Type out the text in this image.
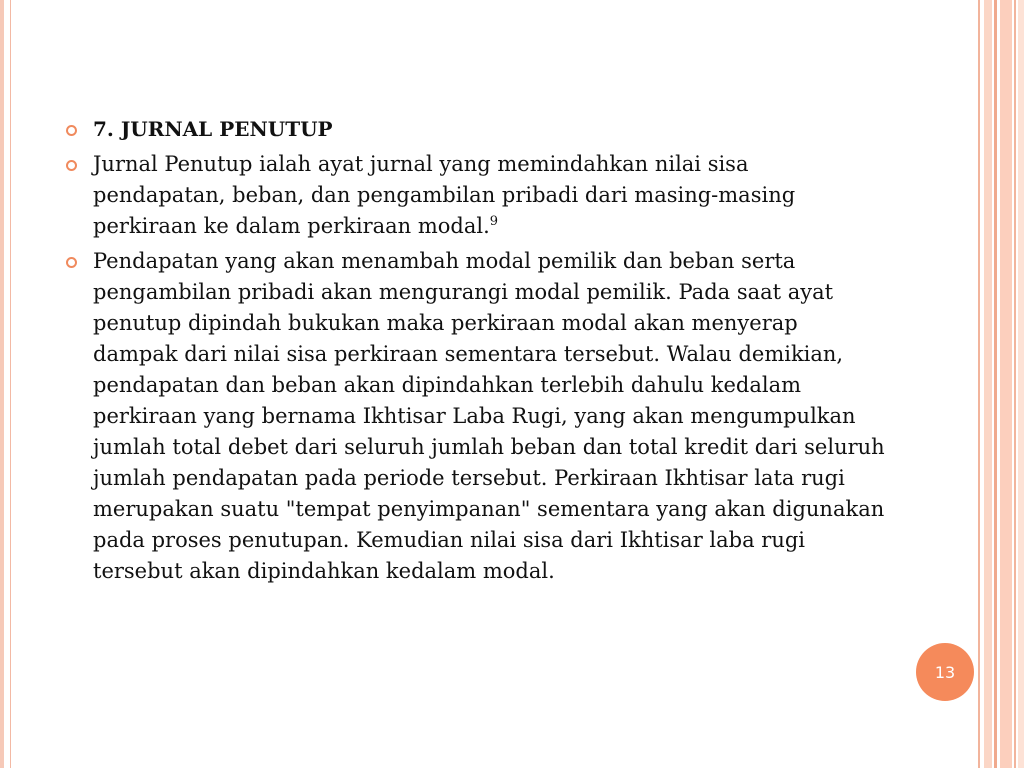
7. JURNAL PENUTUP
Jurnal Penutup ialah ayat jurnal yang memindahkan nilai sisa pendapatan, beban, dan pengambilan pribadi dari masing-masing perkiraan ke dalam perkiraan modal.$^9$
Pendapatan yang akan menambah modal pemilik dan beban serta pengambilan pribadi akan mengurangi modal pemilik. Pada saat ayat penutup dipindah bukukan maka perkiraan modal akan menyerap dampak dari nilai sisa perkiraan sementara tersebut. Walau demikian, pendapatan dan beban akan dipindahkan terlebih dahulu kedalam perkiraan yang bernama Ikhtisar Laba Rugi, yang akan mengumpulkan jumlah total debet dari seluruh jumlah beban dan total kredit dari seluruh jumlah pendapatan pada periode tersebut. Perkiraan Ikhtisar lata rugi merupakan suatu "tempat penyimpanan" sementara yang akan digunakan pada proses penutupan. Kemudian nilai sisa dari Ikhtisar laba rugi tersebut akan dipindahkan kedalam modal.
13
